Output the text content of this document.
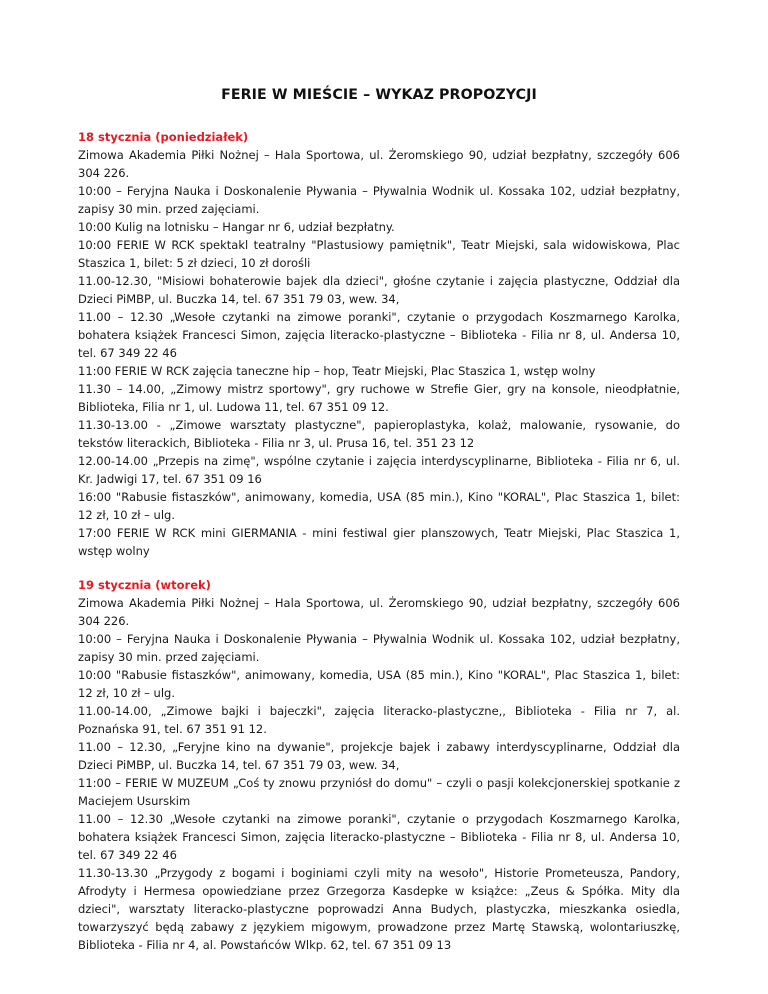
FERIE W MIEŚCIE – WYKAZ PROPOZYCJI
18 stycznia (poniedziałek)
Zimowa Akademia Piłki Nożnej – Hala Sportowa, ul. Żeromskiego 90, udział bezpłatny, szczegóły 606 304 226.
10:00 – Feryjna Nauka i Doskonalenie Pływania – Pływalnia Wodnik ul. Kossaka 102, udział bezpłatny, zapisy 30 min. przed zajęciami.
10:00 Kulig na lotnisku – Hangar nr 6, udział bezpłatny.
10:00 FERIE W RCK spektakl teatralny "Plastusiowy pamiętnik", Teatr Miejski, sala widowiskowa, Plac Staszica 1, bilet: 5 zł dzieci, 10 zł dorośli
11.00-12.30, "Misiowi bohaterowie bajek dla dzieci", głośne czytanie i zajęcia plastyczne, Oddział dla Dzieci PiMBP, ul. Buczka 14, tel. 67 351 79 03, wew. 34,
11.00 – 12.30 „Wesołe czytanki na zimowe poranki", czytanie o przygodach Koszmarnego Karolka, bohatera książek Francesci Simon, zajęcia literacko-plastyczne – Biblioteka - Filia nr 8, ul. Andersa 10, tel. 67 349 22 46
11:00 FERIE W RCK zajęcia taneczne hip – hop, Teatr Miejski, Plac Staszica 1, wstęp wolny
11.30 – 14.00, „Zimowy mistrz sportowy", gry ruchowe w Strefie Gier, gry na konsole, nieodpłatnie, Biblioteka, Filia nr 1, ul. Ludowa 11, tel. 67 351 09 12.
11.30-13.00 - „Zimowe warsztaty plastyczne", papieroplastyka, kolaż, malowanie, rysowanie, do tekstów literackich, Biblioteka - Filia nr 3, ul. Prusa 16, tel. 351 23 12
12.00-14.00 „Przepis na zimę", wspólne czytanie i zajęcia interdyscyplinarne, Biblioteka - Filia nr 6, ul. Kr. Jadwigi 17, tel. 67 351 09 16
16:00 "Rabusie fistaszków", animowany, komedia, USA (85 min.), Kino "KORAL", Plac Staszica 1, bilet: 12 zł, 10 zł – ulg.
17:00 FERIE W RCK mini GIERMANIA - mini festiwal gier planszowych, Teatr Miejski, Plac Staszica 1, wstęp wolny
19 stycznia (wtorek)
Zimowa Akademia Piłki Nożnej – Hala Sportowa, ul. Żeromskiego 90, udział bezpłatny, szczegóły 606 304 226.
10:00 – Feryjna Nauka i Doskonalenie Pływania – Pływalnia Wodnik ul. Kossaka 102, udział bezpłatny, zapisy 30 min. przed zajęciami.
10:00 "Rabusie fistaszków", animowany, komedia, USA (85 min.), Kino "KORAL", Plac Staszica 1, bilet: 12 zł, 10 zł – ulg.
11.00-14.00, „Zimowe bajki i bajeczki", zajęcia literacko-plastyczne,, Biblioteka - Filia nr 7, al. Poznańska 91, tel. 67 351 91 12.
11.00 – 12.30, „Feryjne kino na dywanie", projekcje bajek i zabawy interdyscyplinarne, Oddział dla Dzieci PiMBP, ul. Buczka 14, tel. 67 351 79 03, wew. 34,
11:00 – FERIE W MUZEUM „Coś ty znowu przyniósł do domu" – czyli o pasji kolekcjonerskiej spotkanie z Maciejem Usurskim
11.00 – 12.30 „Wesołe czytanki na zimowe poranki", czytanie o przygodach Koszmarnego Karolka, bohatera książek Francesci Simon, zajęcia literacko-plastyczne – Biblioteka - Filia nr 8, ul. Andersa 10, tel. 67 349 22 46
11.30-13.30 „Przygody z bogami i boginiami czyli mity na wesoło", Historie Prometeusza, Pandory, Afrodyty i Hermesa opowiedziane przez Grzegorza Kasdepke w książce: „Zeus & Spółka. Mity dla dzieci", warsztaty literacko-plastyczne poprowadzi Anna Budych, plastyczka, mieszkanka osiedla, towarzyszyć będą zabawy z językiem migowym, prowadzone przez Martę Stawską, wolontariuszkę, Biblioteka - Filia nr 4, al. Powstańców Wlkp. 62, tel. 67 351 09 13
